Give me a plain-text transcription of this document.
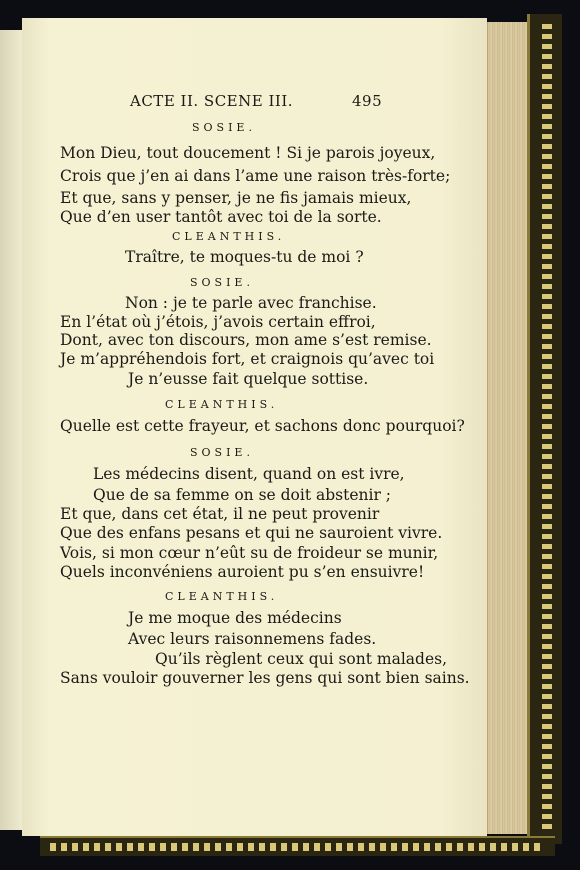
ACTE II. SCENE III.	495
SOSIE.
Mon Dieu, tout doucement ! Si je parois joyeux,
Crois que j’en ai dans l’ame une raison très-forte;
Et que, sans y penser, je ne fis jamais mieux,
Que d’en user tantôt avec toi de la sorte.
CLEANTHIS.
Traître, te moques-tu de moi ?
SOSIE.
Non : je te parle avec franchise.
En l’état où j’étois, j’avois certain effroi,
Dont, avec ton discours, mon ame s’est remise.
Je m’appréhendois fort, et craignois qu’avec toi
Je n’eusse fait quelque sottise.
CLEANTHIS.
Quelle est cette frayeur, et sachons donc pourquoi?
SOSIE.
Les médecins disent, quand on est ivre,
Que de sa femme on se doit abstenir ;
Et que, dans cet état, il ne peut provenir
Que des enfans pesans et qui ne sauroient vivre.
Vois, si mon cœur n’eût su de froideur se munir,
Quels inconvéniens auroient pu s’en ensuivre!
CLEANTHIS.
Je me moque des médecins
Avec leurs raisonnemens fades.
Qu’ils règlent ceux qui sont malades,
Sans vouloir gouverner les gens qui sont bien sains.
